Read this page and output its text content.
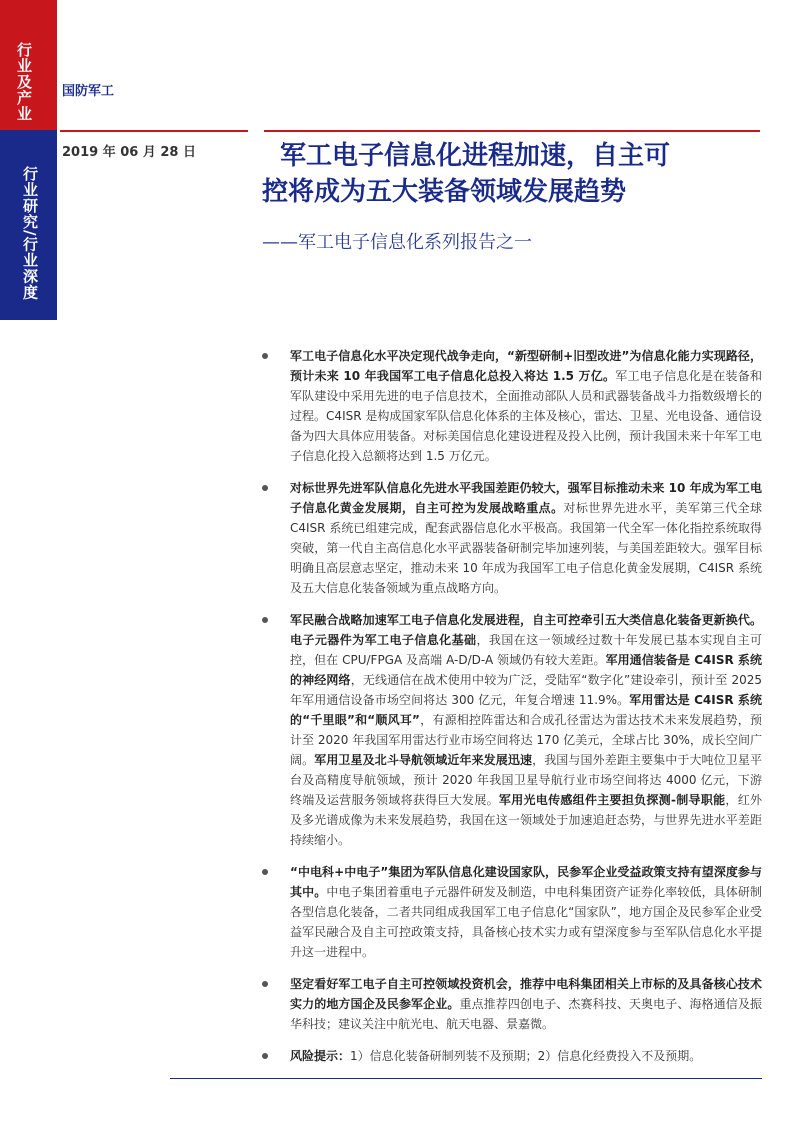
行业及产业
行业研究/行业深度
国防军工
2019 年 06 月 28 日	军工电子信息化进程加速，自主可
控将成为五大装备领域发展趋势
——军工电子信息化系列报告之一
军工电子信息化水平决定现代战争走向，“新型研制+旧型改进”为信息化能力实现路径，预计未来 10 年我国军工电子信息化总投入将达 1.5 万亿。军工电子信息化是在装备和军队建设中采用先进的电子信息技术，全面推动部队人员和武器装备战斗力指数级增长的过程。C4ISR 是构成国家军队信息化体系的主体及核心，雷达、卫星、光电设备、通信设备为四大具体应用装备。对标美国信息化建设进程及投入比例，预计我国未来十年军工电子信息化投入总额将达到 1.5 万亿元。
对标世界先进军队信息化先进水平我国差距仍较大，强军目标推动未来 10 年成为军工电子信息化黄金发展期，自主可控为发展战略重点。对标世界先进水平，美军第三代全球 C4ISR 系统已组建完成，配套武器信息化水平极高。我国第一代全军一体化指控系统取得突破，第一代自主高信息化水平武器装备研制完毕加速列装，与美国差距较大。强军目标明确且高层意志坚定，推动未来 10 年成为我国军工电子信息化黄金发展期，C4ISR 系统及五大信息化装备领域为重点战略方向。
军民融合战略加速军工电子信息化发展进程，自主可控牵引五大类信息化装备更新换代。电子元器件为军工电子信息化基础，我国在这一领域经过数十年发展已基本实现自主可控，但在 CPU/FPGA 及高端 A-D/D-A 领域仍有较大差距。军用通信装备是 C4ISR 系统的神经网络，无线通信在战术使用中较为广泛，受陆军“数字化”建设牵引，预计至 2025 年军用通信设备市场空间将达 300 亿元，年复合增速 11.9%。军用雷达是 C4ISR 系统的“千里眼”和“顺风耳”，有源相控阵雷达和合成孔径雷达为雷达技术未来发展趋势，预计至 2020 年我国军用雷达行业市场空间将达 170 亿美元，全球占比 30%，成长空间广阔。军用卫星及北斗导航领域近年来发展迅速，我国与国外差距主要集中于大吨位卫星平台及高精度导航领域，预计 2020 年我国卫星导航行业市场空间将达 4000 亿元，下游终端及运营服务领域将获得巨大发展。军用光电传感组件主要担负探测-制导职能，红外及多光谱成像为未来发展趋势，我国在这一领域处于加速追赶态势，与世界先进水平差距持续缩小。
“中电科+中电子”集团为军队信息化建设国家队，民参军企业受益政策支持有望深度参与其中。中电子集团着重电子元器件研发及制造，中电科集团资产证券化率较低，具体研制各型信息化装备，二者共同组成我国军工电子信息化“国家队”，地方国企及民参军企业受益军民融合及自主可控政策支持，具备核心技术实力或有望深度参与至军队信息化水平提升这一进程中。
坚定看好军工电子自主可控领域投资机会，推荐中电科集团相关上市标的及具备核心技术实力的地方国企及民参军企业。重点推荐四创电子、杰赛科技、天奥电子、海格通信及振华科技；建议关注中航光电、航天电器、景嘉微。
风险提示：1）信息化装备研制列装不及预期；2）信息化经费投入不及预期。
